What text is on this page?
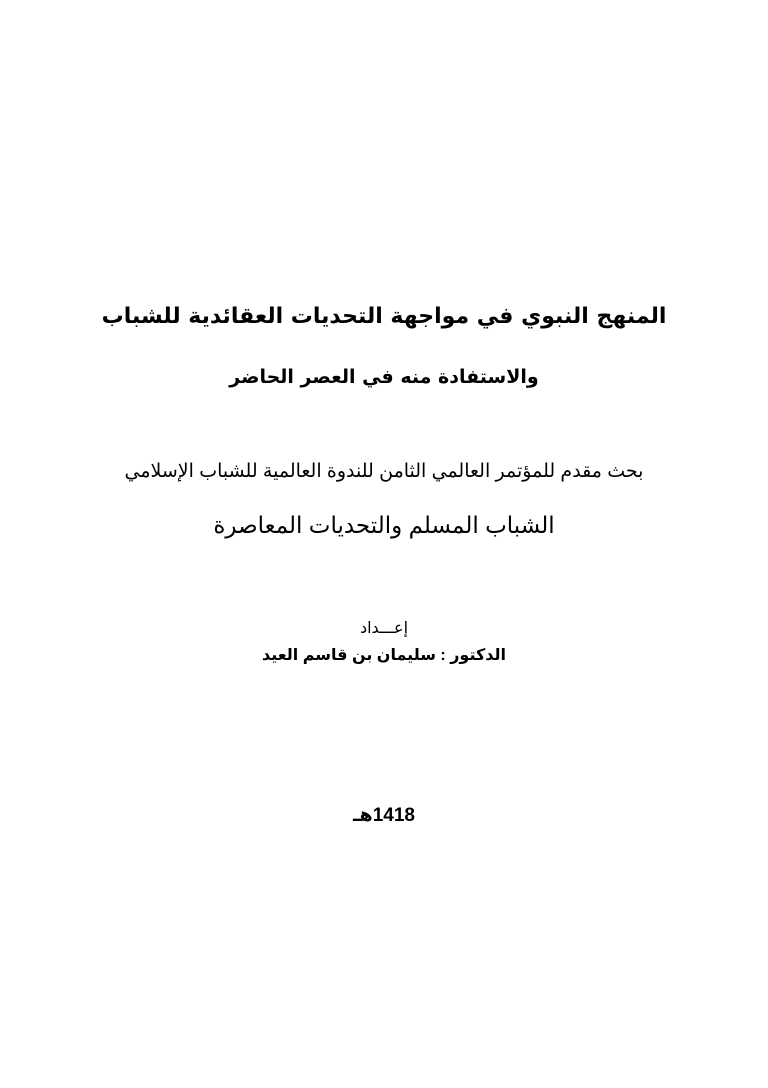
المنهج النبوي في مواجهة التحديات العقائدية للشباب
والاستفادة منه في العصر الحاضر
بحث مقدم للمؤتمر العالمي الثامن للندوة العالمية للشباب الإسلامي
الشباب المسلم والتحديات المعاصرة
إعـــداد
الدكتور : سليمان بن قاسم العيد
1418هـ
